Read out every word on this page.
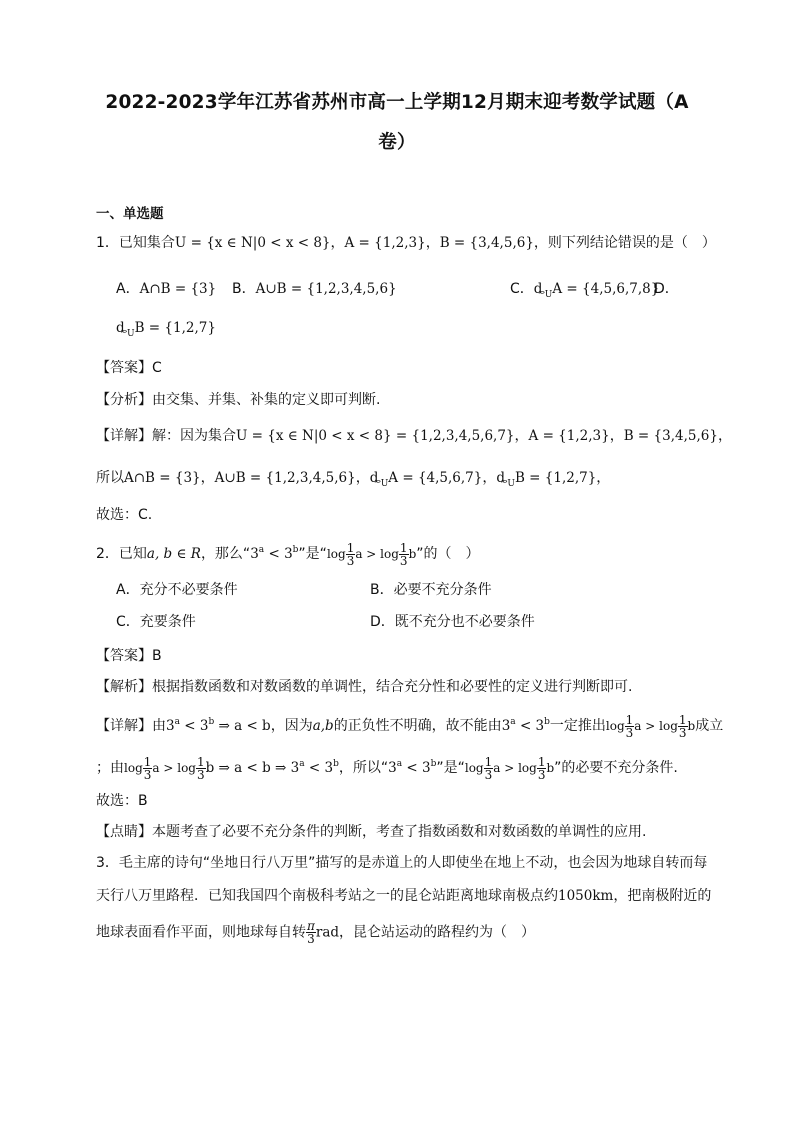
2022-2023学年江苏省苏州市高一上学期12月期末迎考数学试题（A
卷）
一、单选题
1．已知集合U = {x ∈ N|0 < x < 8}，A = {1,2,3}，B = {3,4,5,6}，则下列结论错误的是（　）
A．A∩B = {3} B．A∪B = {1,2,3,4,5,6}	C．$ȡ_UA = \{4,5,6,7,8\}$
D．
$ȡ_UB = \{1,2,7\}$
【答案】C
【分析】由交集、并集、补集的定义即可判断.
【详解】解：因为集合U = {x ∈ N|0 < x < 8} = {1,2,3,4,5,6,7}，A = {1,2,3}，B = {3,4,5,6}，
所以A∩B = {3}，A∪B = {1,2,3,4,5,6}，$ȡ_UA = \{4,5,6,7\}$，$ȡ_UB = \{1,2,7\}$，
故选：C.
2．已知a, b ∈ R，那么“$3^a < 3^b$”是“$\log \frac{1}{3}$ $a > \log \frac{1}{3} b$”的（　）
A．充分不必要条件	B．必要不充分条件
C．充要条件	D．既不充分也不必要条件
【答案】B
【解析】根据指数函数和对数函数的单调性，结合充分性和必要性的定义进行判断即可.
【详解】由$3^a < 3^b$ ⇒ a < b，因为a,b的正负性不明确，故不能由$3^a < 3^b$一定推出$\log \frac{1}{3}$ $a > \log \frac{1}{3}$ b成立
；由$\log \frac{1}{3}$ $a > \log \frac{1}{3}$ b ⇒ a < b ⇒ $3^a < 3^b$，所以“$3^a < 3^b$”是“$\log \frac{1}{3}$ $a > \log \frac{1}{3} b$”的必要不充分条件.
故选：B
【点睛】本题考查了必要不充分条件的判断，考查了指数函数和对数函数的单调性的应用.
3．毛主席的诗句“坐地日行八万里”描写的是赤道上的人即使坐在地上不动，也会因为地球自转而每
天行八万里路程．已知我国四个南极科考站之一的昆仑站距离地球南极点约1050km，把南极附近的
地球表面看作平面，则地球每自转 $\frac{\pi}{3}$ rad，昆仑站运动的路程约为（　）
